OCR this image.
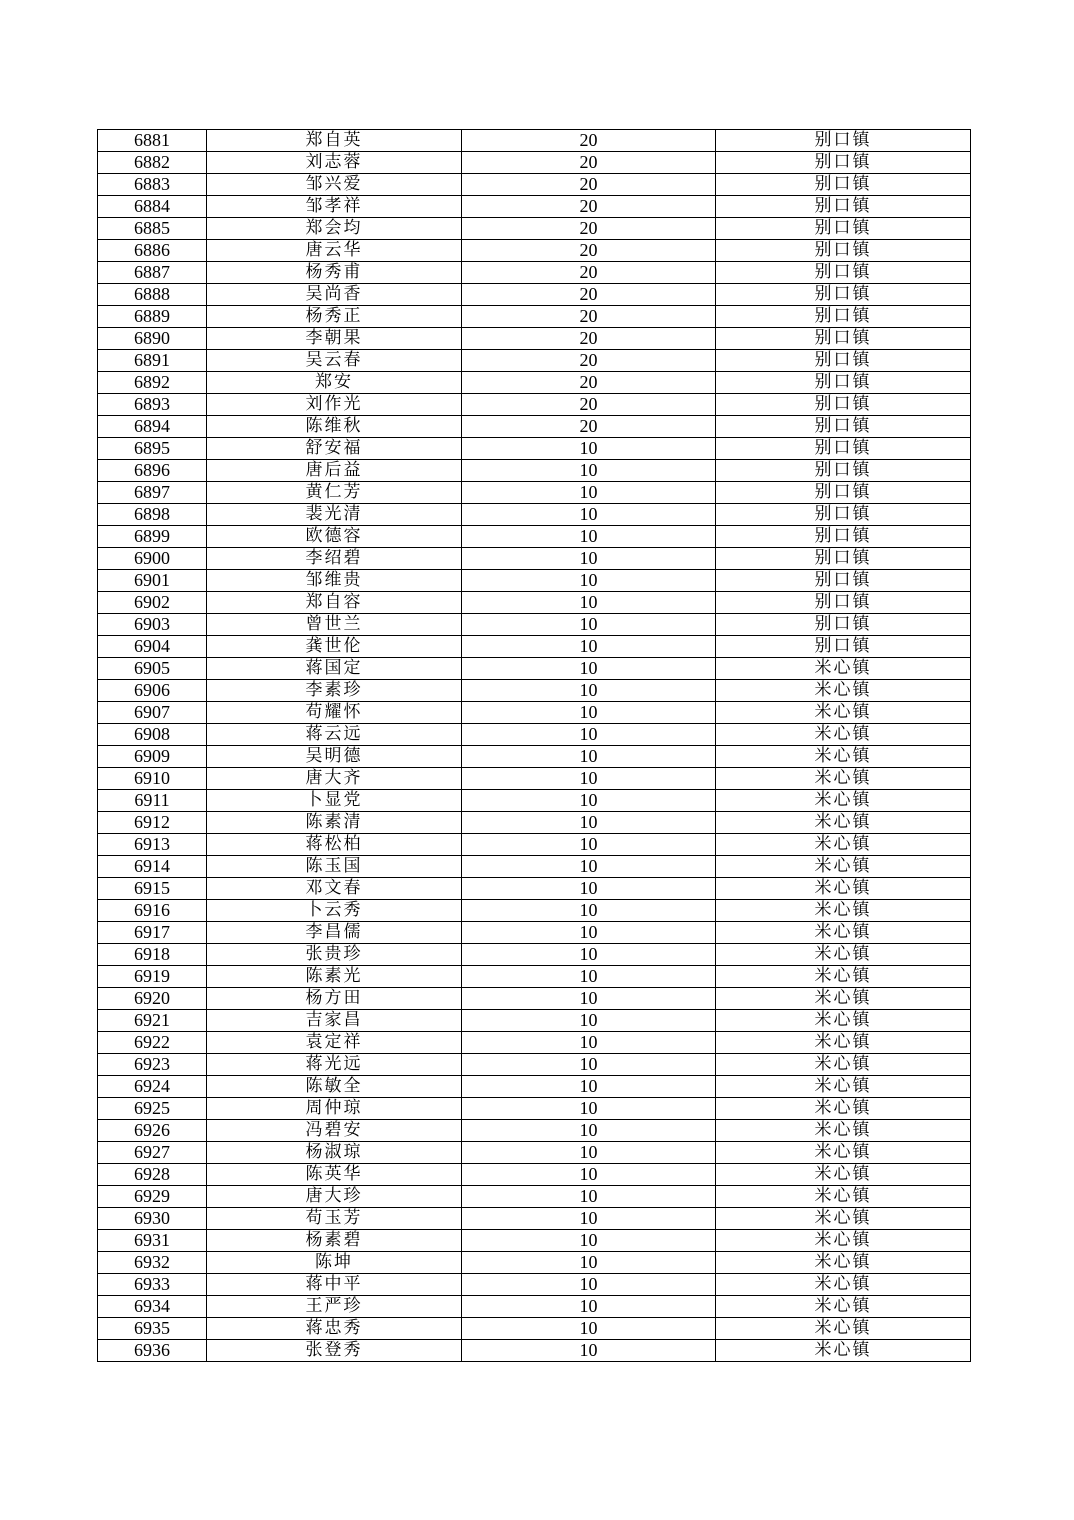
6881	郑自英	20	别口镇
6882	刘志蓉	20	别口镇
6883	邹兴爱	20	别口镇
6884	邹孝祥	20	别口镇
6885	郑会均	20	别口镇
6886	唐云华	20	别口镇
6887	杨秀甫	20	别口镇
6888	吴尚香	20	别口镇
6889	杨秀正	20	别口镇
6890	李朝果	20	别口镇
6891	吴云春	20	别口镇
6892	郑安	20	别口镇
6893	刘作光	20	别口镇
6894	陈维秋	20	别口镇
6895	舒安福	10	别口镇
6896	唐后益	10	别口镇
6897	黄仁芳	10	别口镇
6898	裴光清	10	别口镇
6899	欧德容	10	别口镇
6900	李绍碧	10	别口镇
6901	邹维贵	10	别口镇
6902	郑自容	10	别口镇
6903	曾世兰	10	别口镇
6904	龚世伦	10	别口镇
6905	蒋国定	10	米心镇
6906	李素珍	10	米心镇
6907	苟耀怀	10	米心镇
6908	蒋云远	10	米心镇
6909	吴明德	10	米心镇
6910	唐大齐	10	米心镇
6911	卜显党	10	米心镇
6912	陈素清	10	米心镇
6913	蒋松柏	10	米心镇
6914	陈玉国	10	米心镇
6915	邓文春	10	米心镇
6916	卜云秀	10	米心镇
6917	李昌儒	10	米心镇
6918	张贵珍	10	米心镇
6919	陈素光	10	米心镇
6920	杨方田	10	米心镇
6921	吉家昌	10	米心镇
6922	袁定祥	10	米心镇
6923	蒋光远	10	米心镇
6924	陈敏全	10	米心镇
6925	周仲琼	10	米心镇
6926	冯碧安	10	米心镇
6927	杨淑琼	10	米心镇
6928	陈英华	10	米心镇
6929	唐大珍	10	米心镇
6930	苟玉芳	10	米心镇
6931	杨素碧	10	米心镇
6932	陈坤	10	米心镇
6933	蒋中平	10	米心镇
6934	王严珍	10	米心镇
6935	蒋忠秀	10	米心镇
6936	张登秀	10	米心镇
